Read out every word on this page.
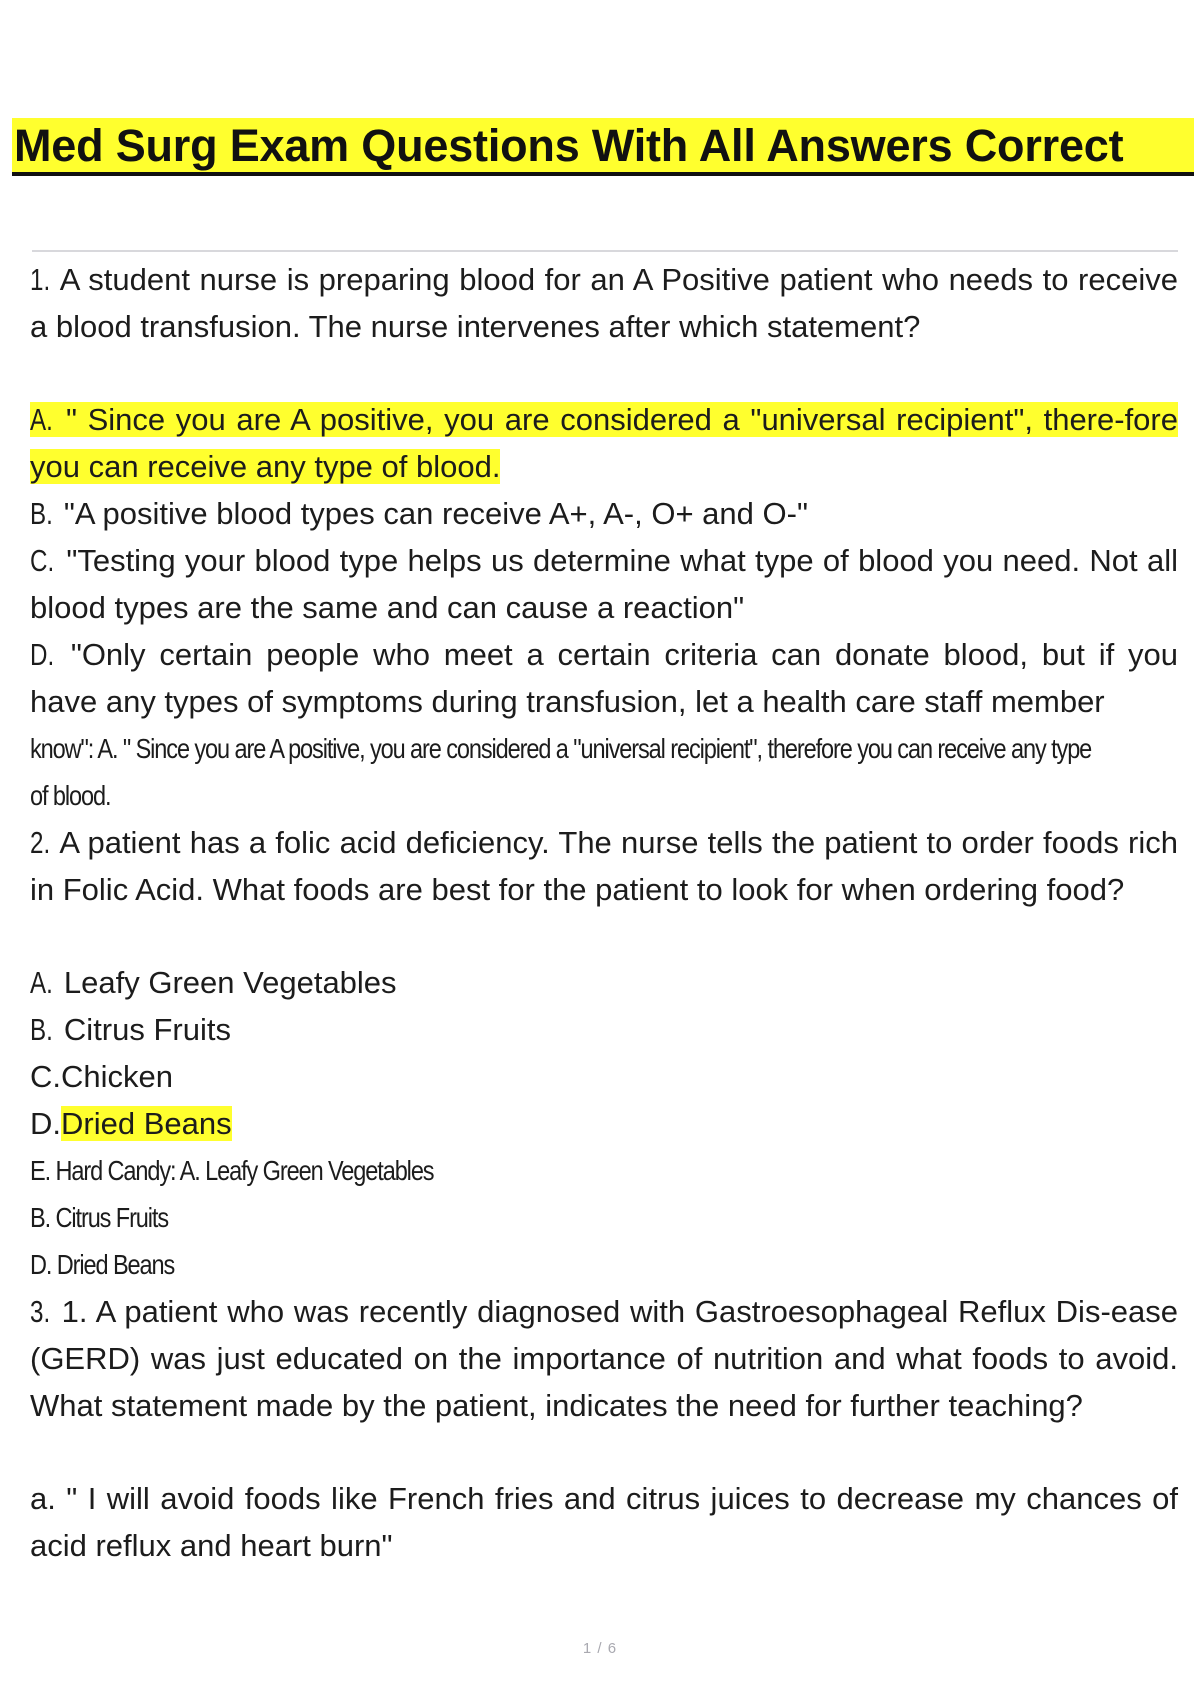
Med Surg Exam Questions With All Answers Correct

1. A student nurse is preparing blood for an A Positive patient who needs to receive a blood transfusion. The nurse intervenes after which statement?

A. " Since you are A positive, you are considered a "universal recipient", there-fore you can receive any type of blood.

B. "A positive blood types can receive A+, A-, O+ and O-"

C. "Testing your blood type helps us determine what type of blood you need. Not all blood types are the same and can cause a reaction"

D. "Only certain people who meet a certain criteria can donate blood, but if you have any types of symptoms during transfusion, let a health care staff member

know": A. " Since you are A positive, you are considered a "universal recipient", therefore you can receive any type

of blood.

2. A patient has a folic acid deficiency. The nurse tells the patient to order foods rich in Folic Acid. What foods are best for the patient to look for when ordering food?

A. Leafy Green Vegetables

B. Citrus Fruits

C.Chicken

D.Dried Beans

E. Hard Candy: A. Leafy Green Vegetables

B. Citrus Fruits

D. Dried Beans

3. 1. A patient who was recently diagnosed with Gastroesophageal Reflux Dis-ease (GERD) was just educated on the importance of nutrition and what foods to avoid. What statement made by the patient, indicates the need for further teaching?

a. " I will avoid foods like French fries and citrus juices to decrease my chances of acid reflux and heart burn"

1 / 6
